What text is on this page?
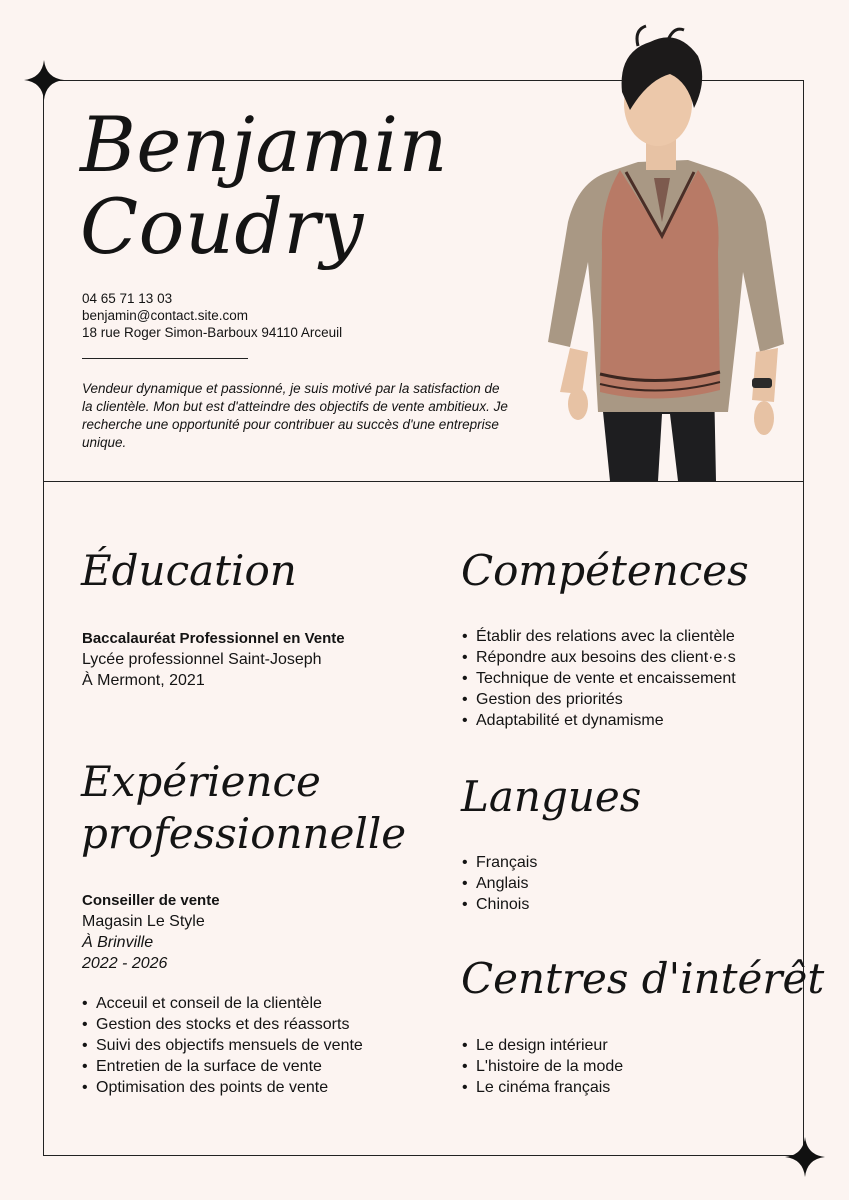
Benjamin
Coudry
04 65 71 13 03
benjamin@contact.site.com
18 rue Roger Simon-Barboux 94110 Arceuil

Vendeur dynamique et passionné, je suis motivé par la satisfaction de la clientèle. Mon but est d'atteindre des objectifs de vente ambitieux. Je recherche une opportunité pour contribuer au succès d'une entreprise unique.

Éducation
Baccalauréat Professionnel en Vente
Lycée professionnel Saint-Joseph
À Mermont, 2021
Expérience
professionnelle
Conseiller de vente
Magasin Le Style
À Brinville
2022 - 2026
• Acceuil et conseil de la clientèle
• Gestion des stocks et des réassorts
• Suivi des objectifs mensuels de vente
• Entretien de la surface de vente
• Optimisation des points de vente
Compétences
• Établir des relations avec la clientèle
• Répondre aux besoins des client·e·s
• Technique de vente et encaissement
• Gestion des priorités
• Adaptabilité et dynamisme
Langues
• Français
• Anglais
• Chinois
Centres d'intérêt
• Le design intérieur
• L'histoire de la mode
• Le cinéma français
